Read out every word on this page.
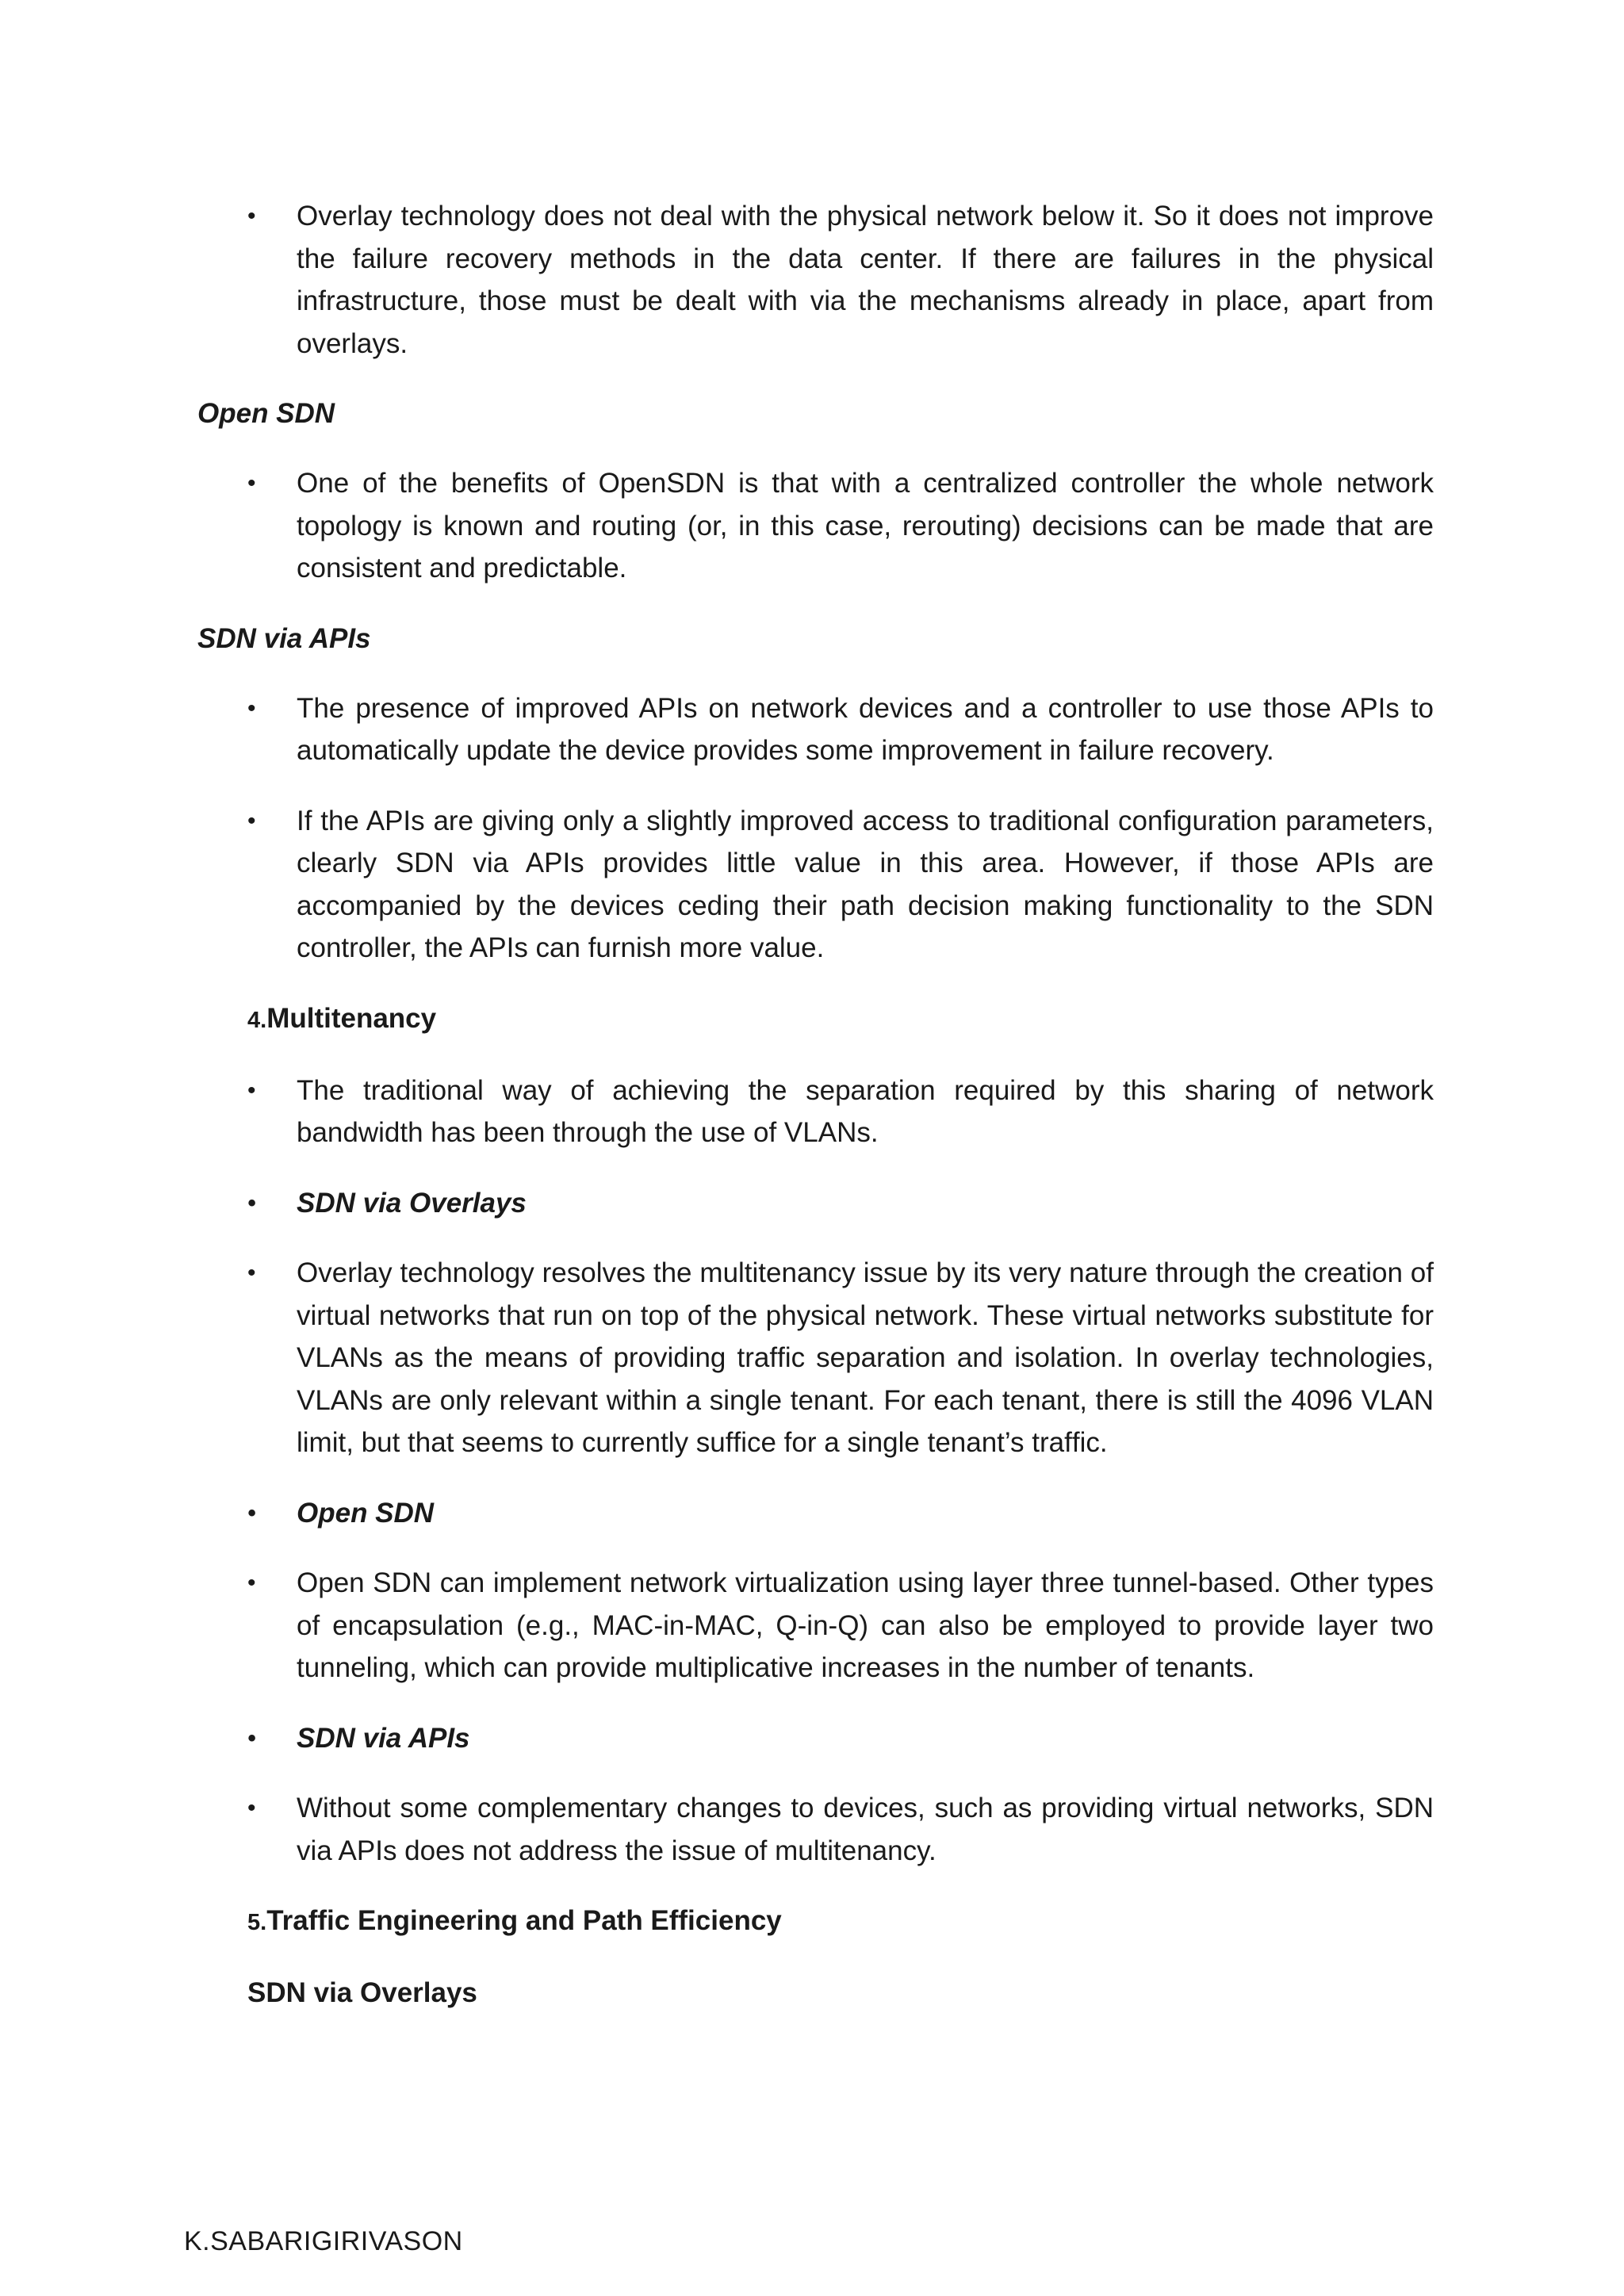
• Overlay technology does not deal with the physical network below it. So it does not improve the failure recovery methods in the data center. If there are failures in the physical infrastructure, those must be dealt with via the mechanisms already in place, apart from overlays.
Open SDN
• One of the benefits of OpenSDN is that with a centralized controller the whole network topology is known and routing (or, in this case, rerouting) decisions can be made that are consistent and predictable.
SDN via APIs
• The presence of improved APIs on network devices and a controller to use those APIs to automatically update the device provides some improvement in failure recovery.
• If the APIs are giving only a slightly improved access to traditional configuration parameters, clearly SDN via APIs provides little value in this area. However, if those APIs are accompanied by the devices ceding their path decision making functionality to the SDN controller, the APIs can furnish more value.
4.Multitenancy
• The traditional way of achieving the separation required by this sharing of network bandwidth has been through the use of VLANs.
• SDN via Overlays
• Overlay technology resolves the multitenancy issue by its very nature through the creation of virtual networks that run on top of the physical network. These virtual networks substitute for VLANs as the means of providing trafﬁc separation and isolation. In overlay technologies, VLANs are only relevant within a single tenant. For each tenant, there is still the 4096 VLAN limit, but that seems to currently sufﬁce for a single tenant’s trafﬁc.
• Open SDN
• Open SDN can implement network virtualization using layer three tunnel-based. Other types of encapsulation (e.g., MAC-in-MAC, Q-in-Q) can also be employed to provide layer two tunneling, which can provide multiplicative increases in the number of tenants.
• SDN via APIs
• Without some complementary changes to devices, such as providing virtual networks, SDN via APIs does not address the issue of multitenancy.
5.Trafﬁc Engineering and Path Efﬁciency
SDN via Overlays
K.SABARIGIRIVASON
